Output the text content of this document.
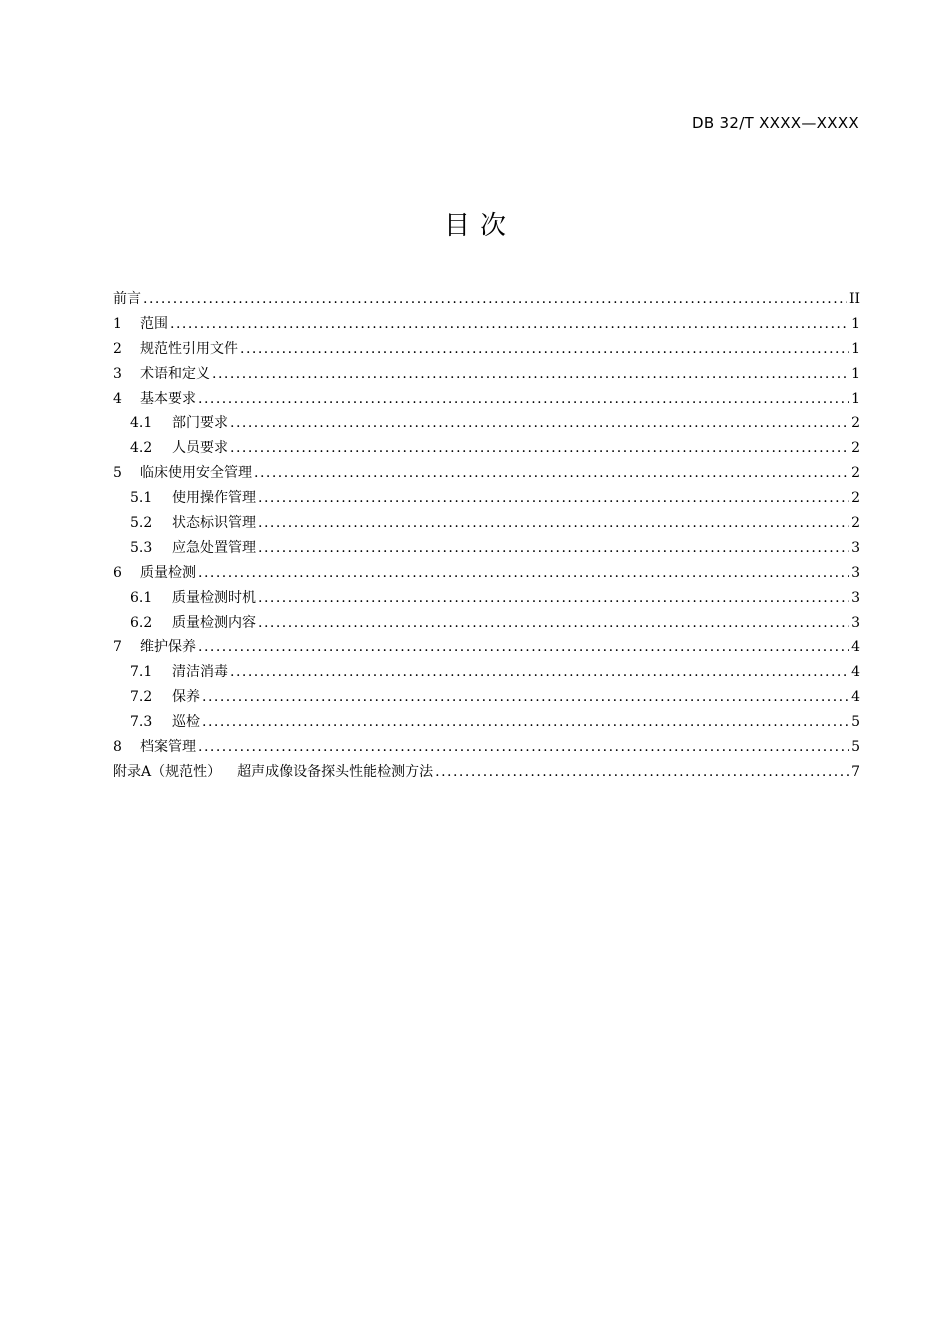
DB 32/T XXXX—XXXX
目次
前言 .....	II
1	范围 .....	1
2	规范性引用文件 .....	1
3	术语和定义 .....	1
4	基本要求 .....	1
4.1	部门要求 .....	2
4.2	人员要求 .....	2
5	临床使用安全管理 .....	2
5.1	使用操作管理 .....	2
5.2	状态标识管理 .....	2
5.3	应急处置管理 .....	3
6	质量检测 .....	3
6.1	质量检测时机 .....	3
6.2	质量检测内容 .....	3
7	维护保养 .....	4
7.1	清洁消毒 .....	4
7.2	保养 .....	4
7.3	巡检 .....	5
8	档案管理 .....	5
附录A（规范性） 超声成像设备探头性能检测方法 .....	7
